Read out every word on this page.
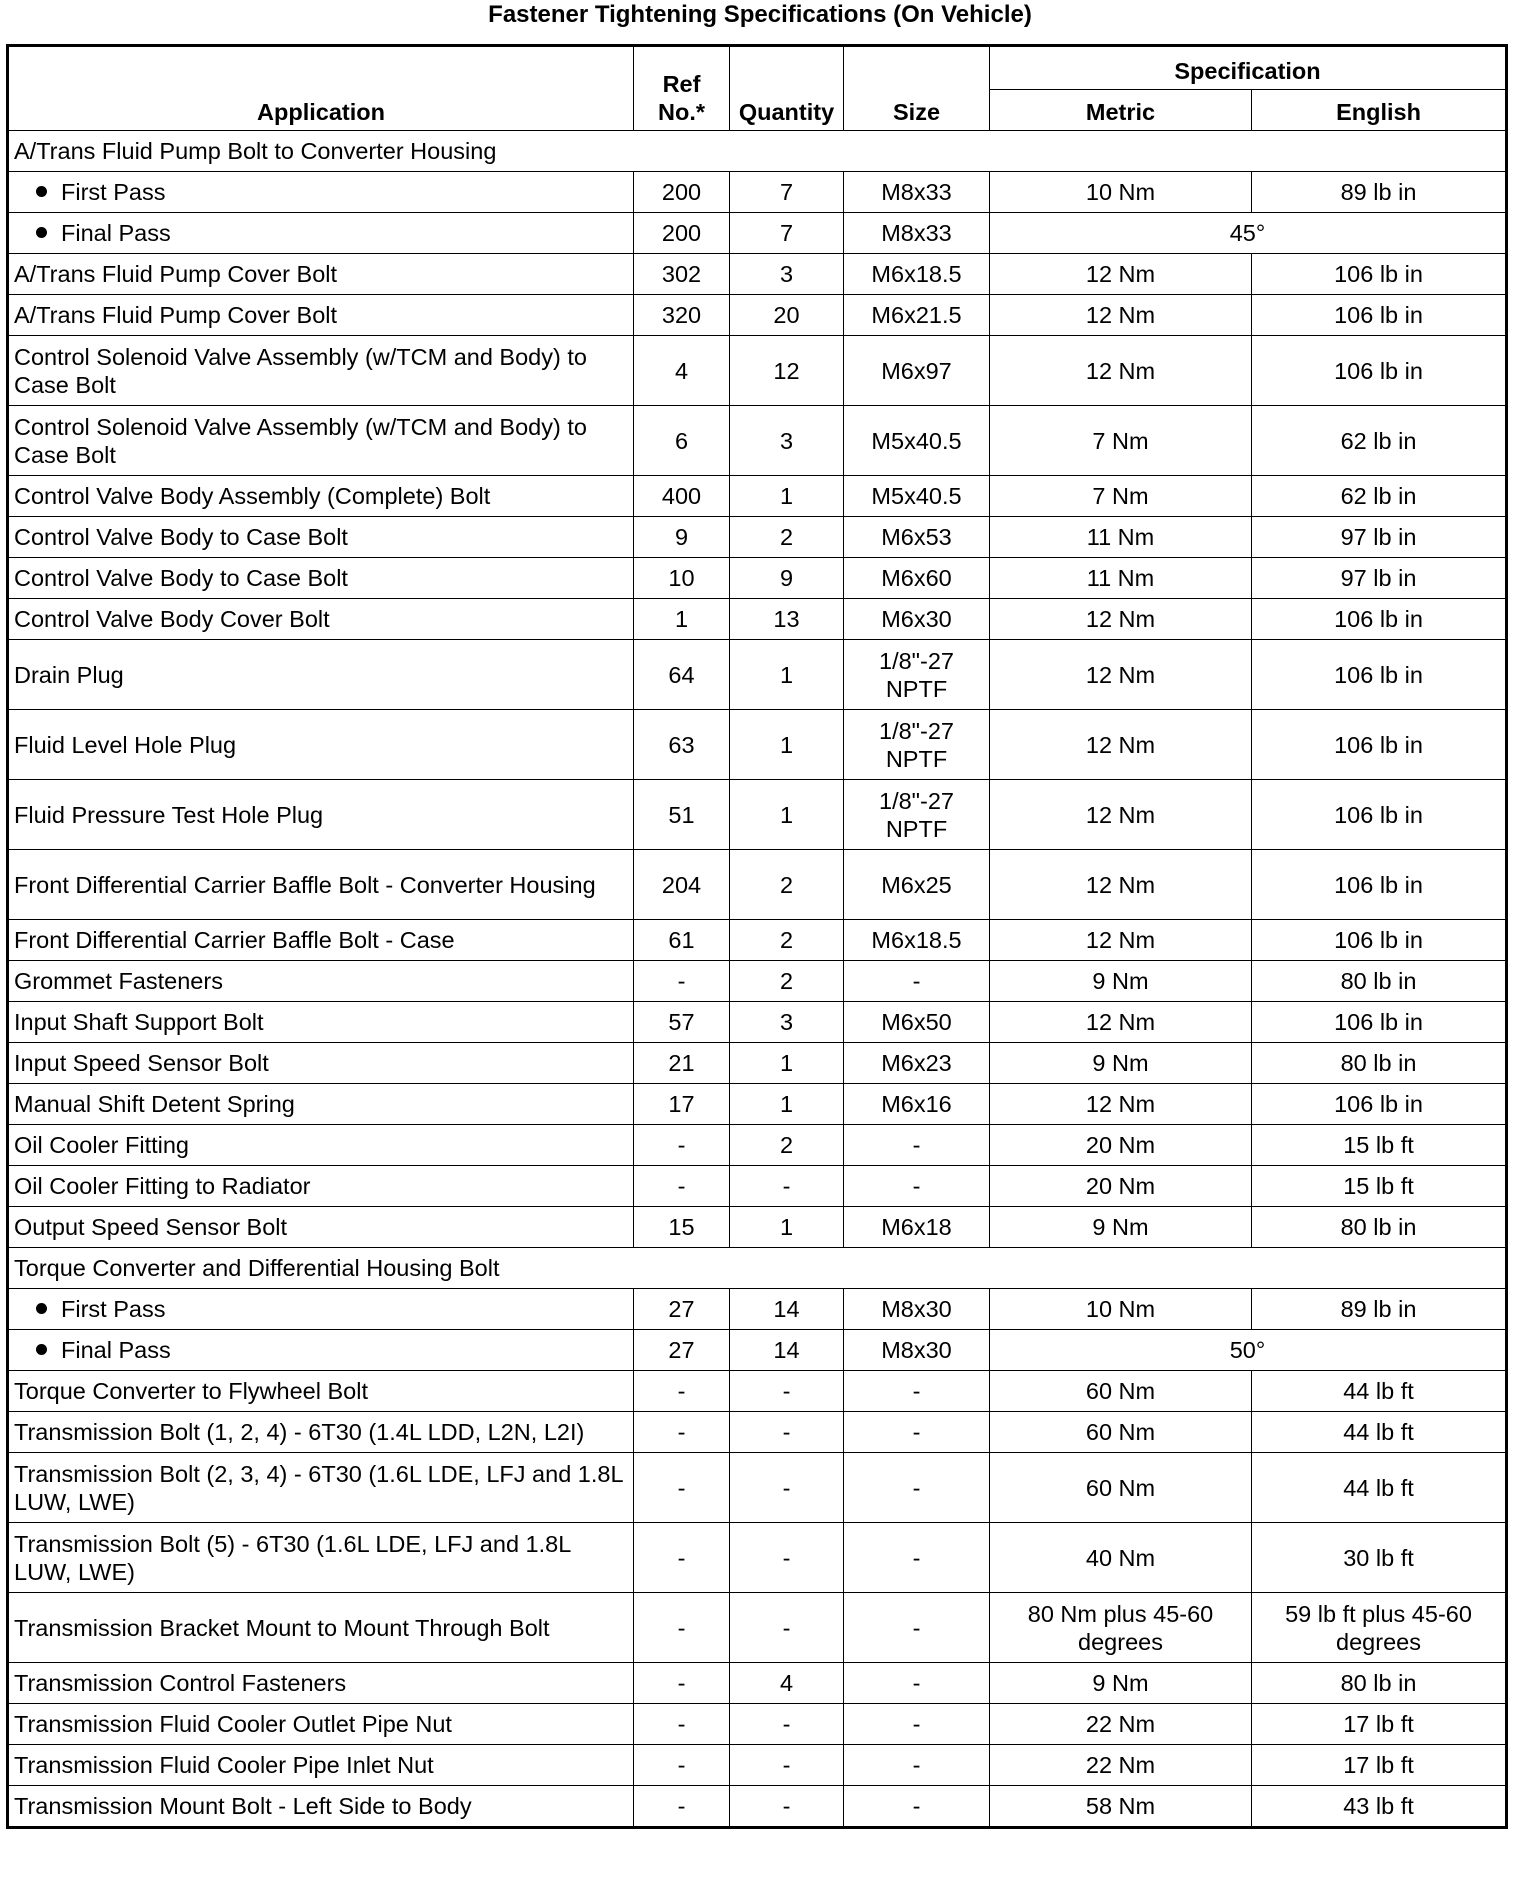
Fastener Tightening Specifications (On Vehicle)
Application	Ref No.*	Quantity	Size	Specification	
				Metric	English
A/Trans Fluid Pump Bolt to Converter Housing					
First Pass	200	7	M8x33	10 Nm	89 lb in
Final Pass	200	7	M8x33	45°	
A/Trans Fluid Pump Cover Bolt	302	3	M6x18.5	12 Nm	106 lb in
A/Trans Fluid Pump Cover Bolt	320	20	M6x21.5	12 Nm	106 lb in
Control Solenoid Valve Assembly (w/TCM and Body) to Case Bolt	4	12	M6x97	12 Nm	106 lb in
Control Solenoid Valve Assembly (w/TCM and Body) to Case Bolt	6	3	M5x40.5	7 Nm	62 lb in
Control Valve Body Assembly (Complete) Bolt	400	1	M5x40.5	7 Nm	62 lb in
Control Valve Body to Case Bolt	9	2	M6x53	11 Nm	97 lb in
Control Valve Body to Case Bolt	10	9	M6x60	11 Nm	97 lb in
Control Valve Body Cover Bolt	1	13	M6x30	12 Nm	106 lb in
Drain Plug	64	1	1/8"-27 NPTF	12 Nm	106 lb in
Fluid Level Hole Plug	63	1	1/8"-27 NPTF	12 Nm	106 lb in
Fluid Pressure Test Hole Plug	51	1	1/8"-27 NPTF	12 Nm	106 lb in
Front Differential Carrier Baffle Bolt - Converter Housing	204	2	M6x25	12 Nm	106 lb in
Front Differential Carrier Baffle Bolt - Case	61	2	M6x18.5	12 Nm	106 lb in
Grommet Fasteners	-	2	-	9 Nm	80 lb in
Input Shaft Support Bolt	57	3	M6x50	12 Nm	106 lb in
Input Speed Sensor Bolt	21	1	M6x23	9 Nm	80 lb in
Manual Shift Detent Spring	17	1	M6x16	12 Nm	106 lb in
Oil Cooler Fitting	-	2	-	20 Nm	15 lb ft
Oil Cooler Fitting to Radiator	-	-	-	20 Nm	15 lb ft
Output Speed Sensor Bolt	15	1	M6x18	9 Nm	80 lb in
Torque Converter and Differential Housing Bolt					
First Pass	27	14	M8x30	10 Nm	89 lb in
Final Pass	27	14	M8x30	50°	
Torque Converter to Flywheel Bolt	-	-	-	60 Nm	44 lb ft
Transmission Bolt (1, 2, 4) - 6T30 (1.4L LDD, L2N, L2I)	-	-	-	60 Nm	44 lb ft
Transmission Bolt (2, 3, 4) - 6T30 (1.6L LDE, LFJ and 1.8L LUW, LWE)	-	-	-	60 Nm	44 lb ft
Transmission Bolt (5) - 6T30 (1.6L LDE, LFJ and 1.8L LUW, LWE)	-	-	-	40 Nm	30 lb ft
Transmission Bracket Mount to Mount Through Bolt	-	-	-	80 Nm plus 45-60 degrees	59 lb ft plus 45-60 degrees
Transmission Control Fasteners	-	4	-	9 Nm	80 lb in
Transmission Fluid Cooler Outlet Pipe Nut	-	-	-	22 Nm	17 lb ft
Transmission Fluid Cooler Pipe Inlet Nut	-	-	-	22 Nm	17 lb ft
Transmission Mount Bolt - Left Side to Body	-	-	-	58 Nm	43 lb ft
